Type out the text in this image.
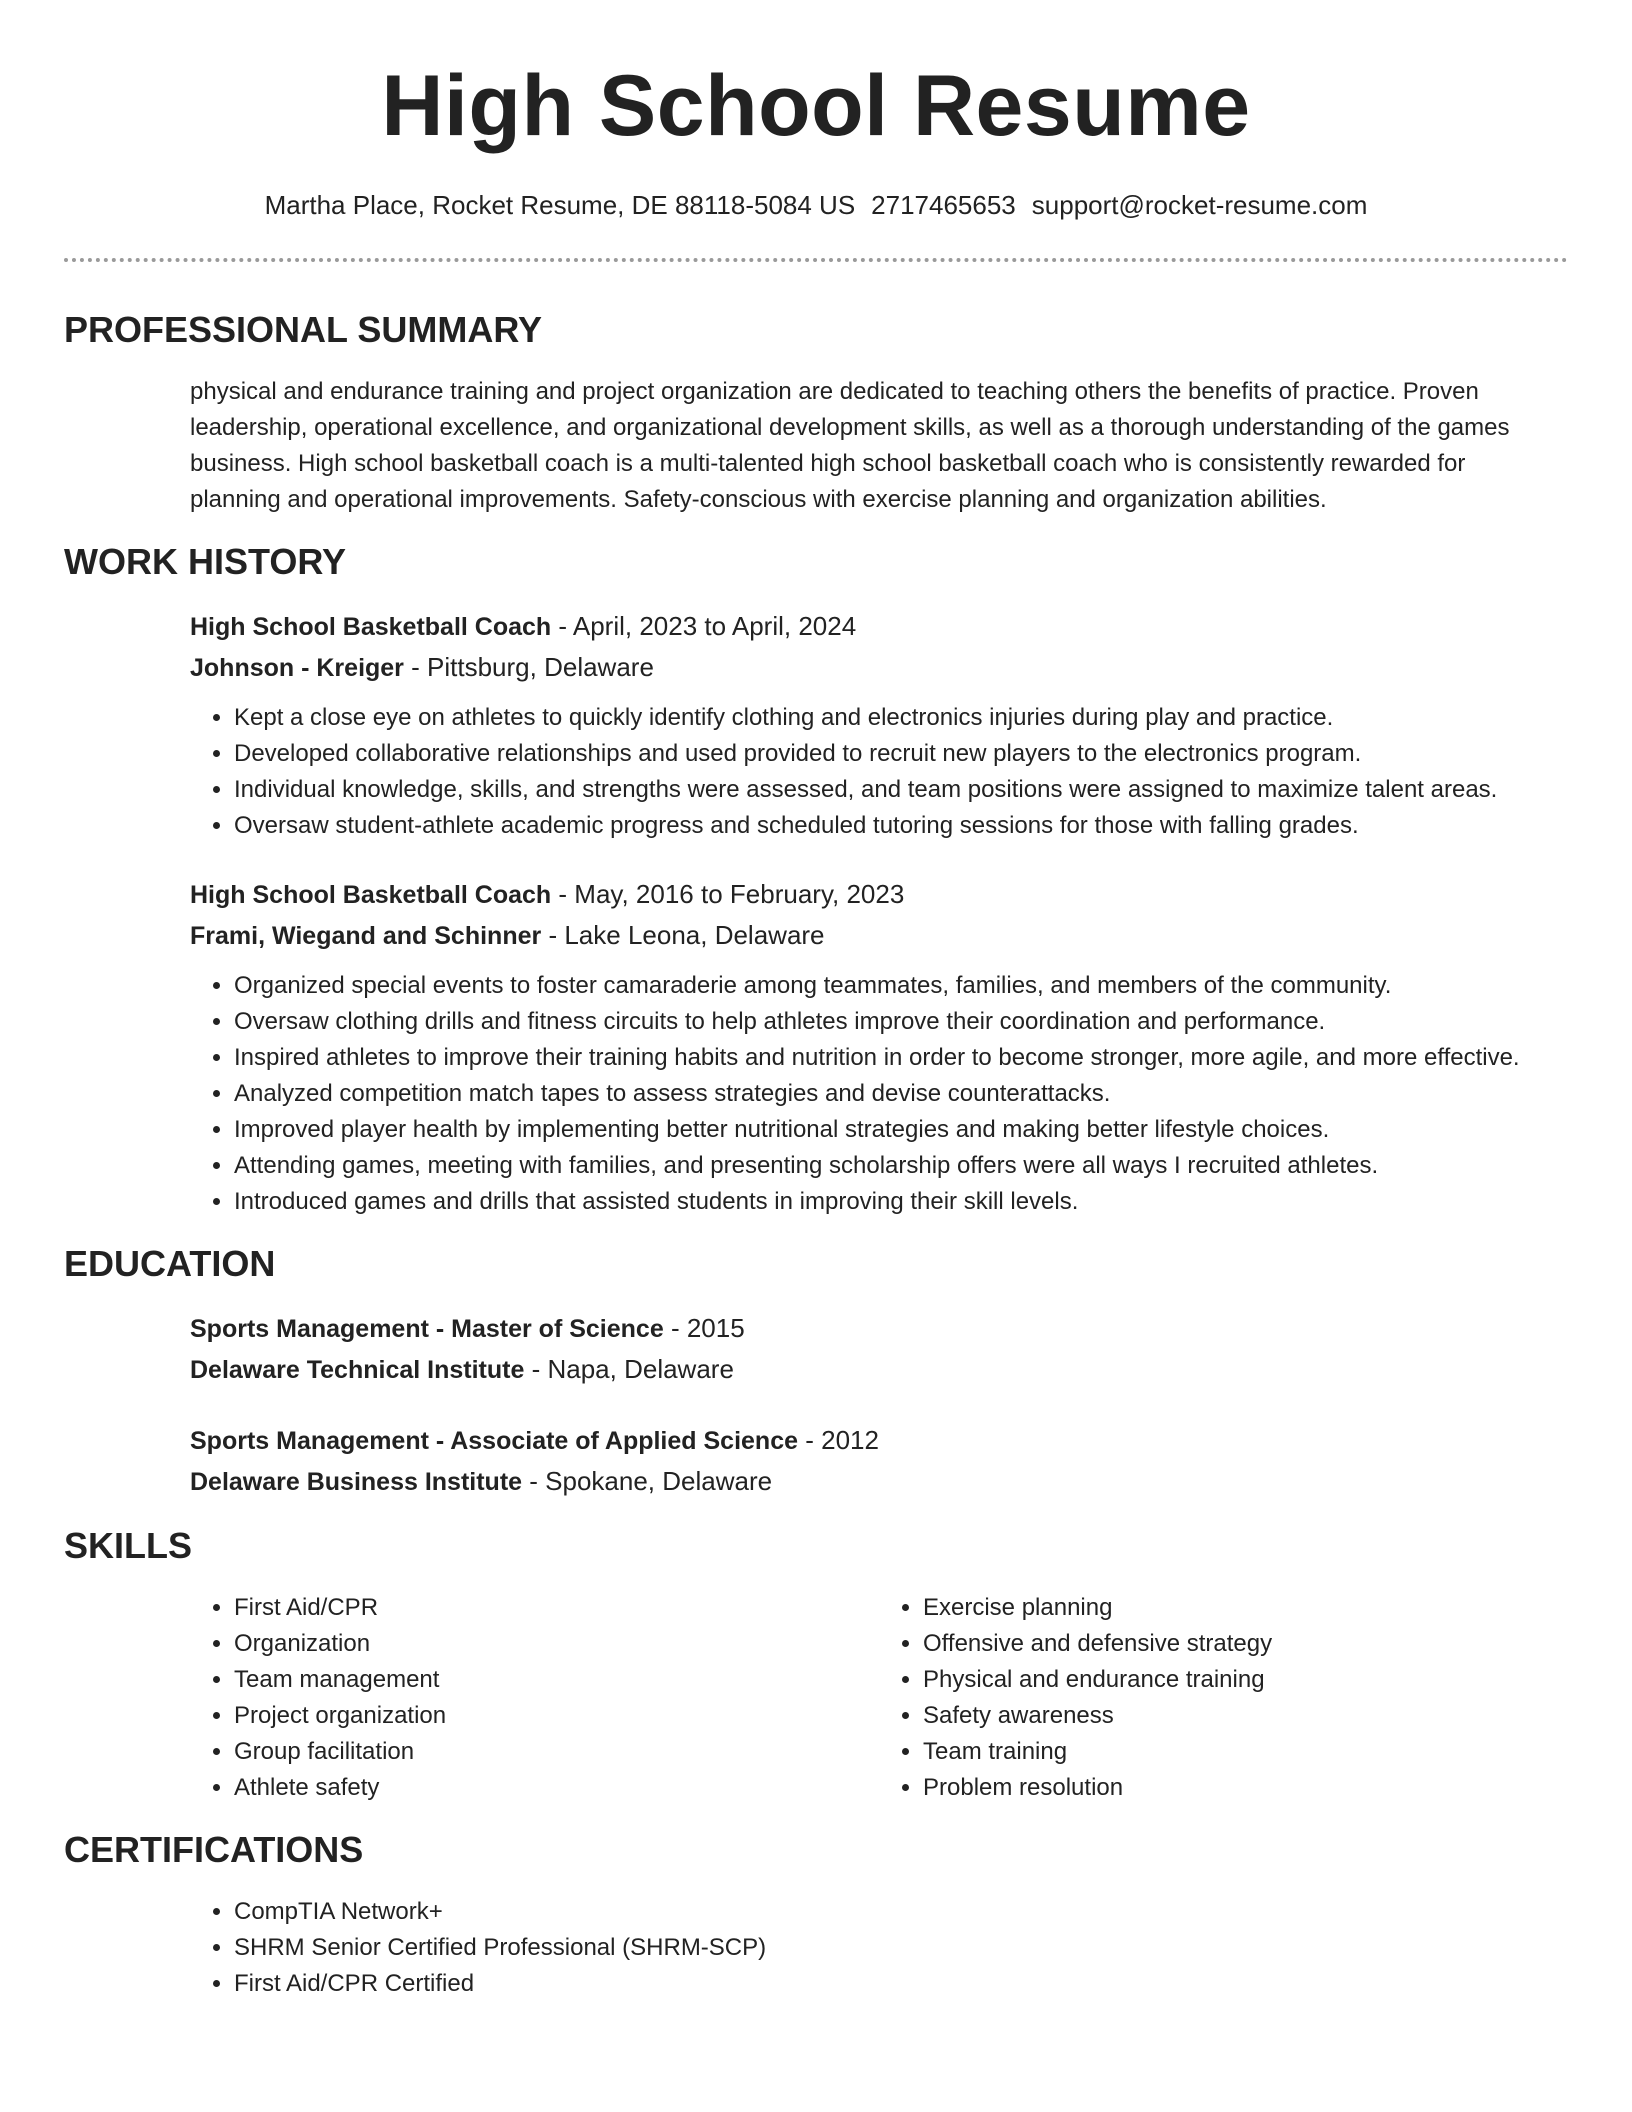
High School Resume
Martha Place, Rocket Resume, DE 88118-5084 US 2717465653 support@rocket-resume.com
PROFESSIONAL SUMMARY

physical and endurance training and project organization are dedicated to teaching others the benefits of practice. Proven leadership, operational excellence, and organizational development skills, as well as a thorough understanding of the games business. High school basketball coach is a multi-talented high school basketball coach who is consistently rewarded for planning and operational improvements. Safety-conscious with exercise planning and organization abilities.

WORK HISTORY
High School Basketball Coach - April, 2023 to April, 2024
Johnson - Kreiger - Pittsburg, Delaware
• Kept a close eye on athletes to quickly identify clothing and electronics injuries during play and practice.
• Developed collaborative relationships and used provided to recruit new players to the electronics program.
• Individual knowledge, skills, and strengths were assessed, and team positions were assigned to maximize talent areas.
• Oversaw student-athlete academic progress and scheduled tutoring sessions for those with falling grades.
High School Basketball Coach - May, 2016 to February, 2023
Frami, Wiegand and Schinner - Lake Leona, Delaware
• Organized special events to foster camaraderie among teammates, families, and members of the community.
• Oversaw clothing drills and fitness circuits to help athletes improve their coordination and performance.
• Inspired athletes to improve their training habits and nutrition in order to become stronger, more agile, and more effective.
• Analyzed competition match tapes to assess strategies and devise counterattacks.
• Improved player health by implementing better nutritional strategies and making better lifestyle choices.
• Attending games, meeting with families, and presenting scholarship offers were all ways I recruited athletes.
• Introduced games and drills that assisted students in improving their skill levels.
EDUCATION
Sports Management - Master of Science - 2015
Delaware Technical Institute - Napa, Delaware
Sports Management - Associate of Applied Science - 2012
Delaware Business Institute - Spokane, Delaware
SKILLS
• First Aid/CPR
• Organization
• Team management
• Project organization
• Group facilitation
• Athlete safety
• Exercise planning
• Offensive and defensive strategy
• Physical and endurance training
• Safety awareness
• Team training
• Problem resolution
CERTIFICATIONS
• CompTIA Network+
• SHRM Senior Certified Professional (SHRM-SCP)
• First Aid/CPR Certified
